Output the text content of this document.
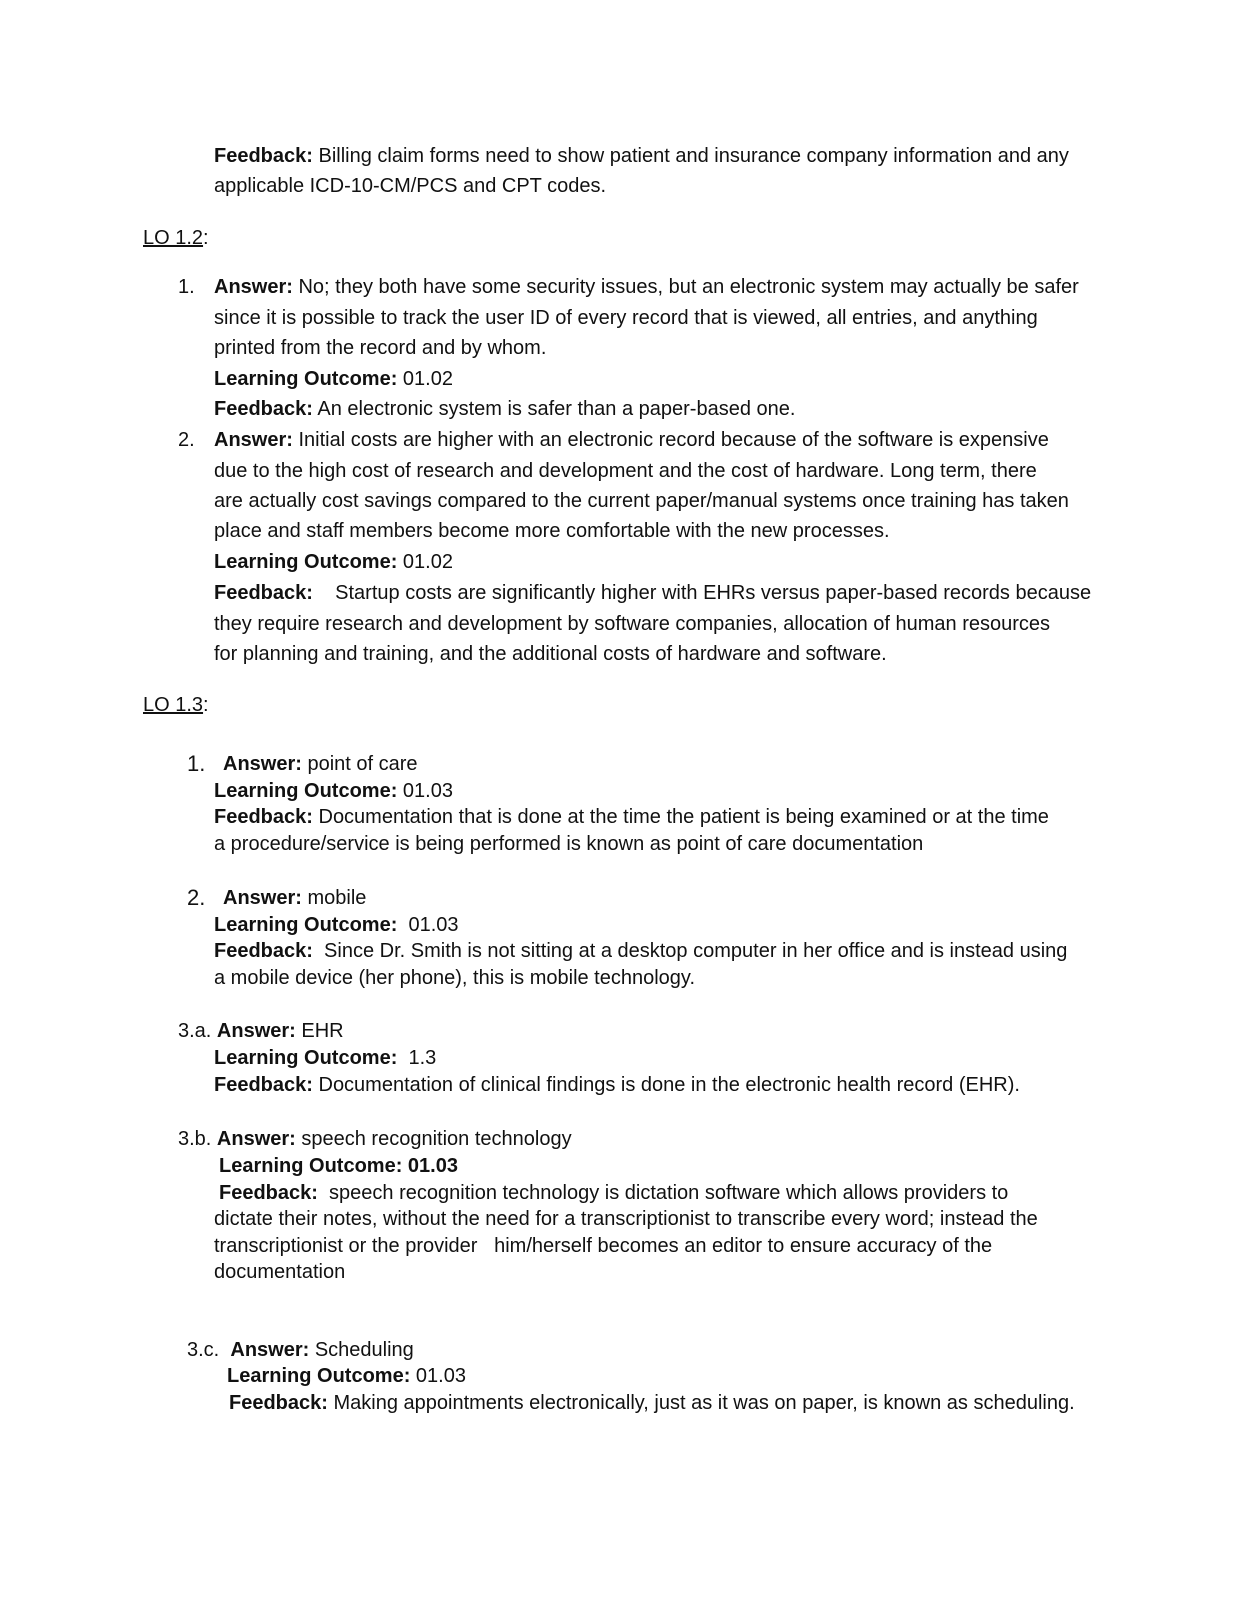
Feedback: Billing claim forms need to show patient and insurance company information and any
applicable ICD-10-CM/PCS and CPT codes.
LO 1.2:
1. Answer: No; they both have some security issues, but an electronic system may actually be safer
since it is possible to track the user ID of every record that is viewed, all entries, and anything
printed from the record and by whom.
Learning Outcome: 01.02
Feedback: An electronic system is safer than a paper-based one.
2. Answer: Initial costs are higher with an electronic record because of the software is expensive
due to the high cost of research and development and the cost of hardware. Long term, there
are actually cost savings compared to the current paper/manual systems once training has taken
place and staff members become more comfortable with the new processes.
Learning Outcome: 01.02
Feedback:    Startup costs are significantly higher with EHRs versus paper-based records because
they require research and development by software companies, allocation of human resources
for planning and training, and the additional costs of hardware and software.
LO 1.3:
1. Answer: point of care
Learning Outcome: 01.03
Feedback: Documentation that is done at the time the patient is being examined or at the time
a procedure/service is being performed is known as point of care documentation
2. Answer: mobile
Learning Outcome:  01.03
Feedback:  Since Dr. Smith is not sitting at a desktop computer in her office and is instead using
a mobile device (her phone), this is mobile technology.
3.a. Answer: EHR
Learning Outcome:  1.3
Feedback: Documentation of clinical findings is done in the electronic health record (EHR).
3.b. Answer: speech recognition technology
Learning Outcome: 01.03
Feedback:  speech recognition technology is dictation software which allows providers to
dictate their notes, without the need for a transcriptionist to transcribe every word; instead the
transcriptionist or the provider   him/herself becomes an editor to ensure accuracy of the
documentation
3.c. Answer: Scheduling
Learning Outcome: 01.03
Feedback: Making appointments electronically, just as it was on paper, is known as scheduling.
